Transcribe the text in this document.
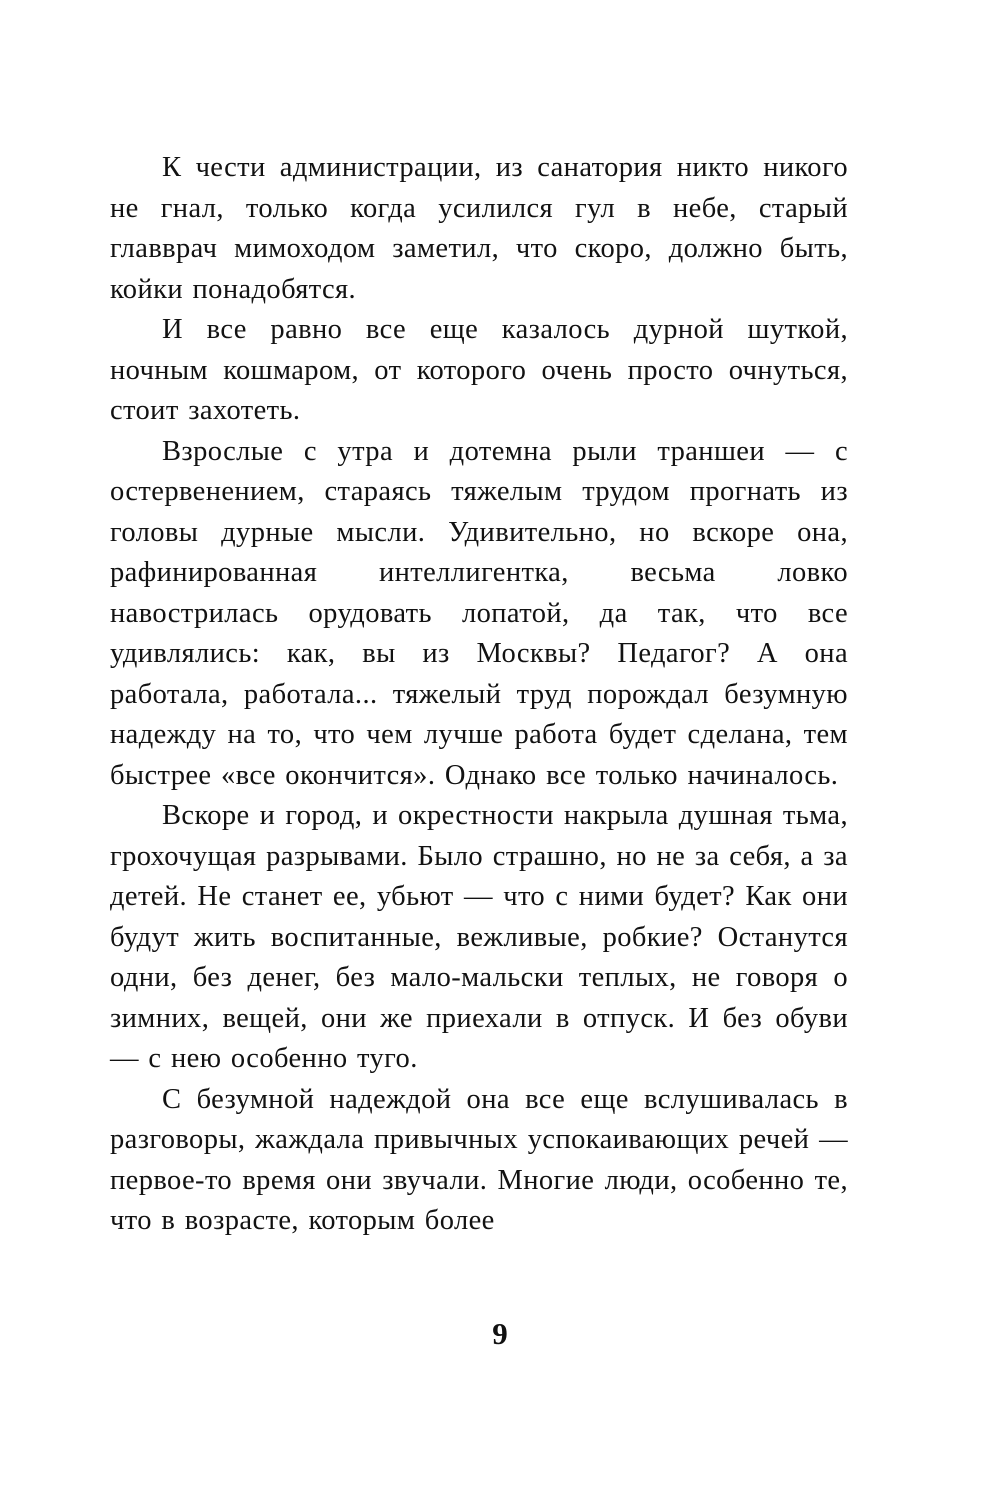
К чести администрации, из санатория никто никого не гнал, только когда усилился гул в небе, старый главврач мимоходом заметил, что скоро, должно быть, койки понадобятся.

И все равно все еще казалось дурной шуткой, ночным кошмаром, от которого очень просто очнуться, стоит захотеть.

Взрослые с утра и дотемна рыли траншеи — с остервенением, стараясь тяжелым трудом прогнать из головы дурные мысли. Удивительно, но вскоре она, рафинированная интеллигентка, весьма ловко навострилась орудовать лопатой, да так, что все удивлялись: как, вы из Москвы? Педагог? А она работала, работала... тяжелый труд порождал безумную надежду на то, что чем лучше работа будет сделана, тем быстрее «все окончится». Однако все только начиналось.

Вскоре и город, и окрестности накрыла душная тьма, грохочущая разрывами. Было страшно, но не за себя, а за детей. Не станет ее, убьют — что с ними будет? Как они будут жить воспитанные, вежливые, робкие? Останутся одни, без денег, без мало-мальски теплых, не говоря о зимних, вещей, они же приехали в отпуск. И без обуви — с нею особенно туго.

С безумной надеждой она все еще вслушивалась в разговоры, жаждала привычных успокаивающих речей — первое-то время они звучали. Многие люди, особенно те, что в возрасте, которым более

9
